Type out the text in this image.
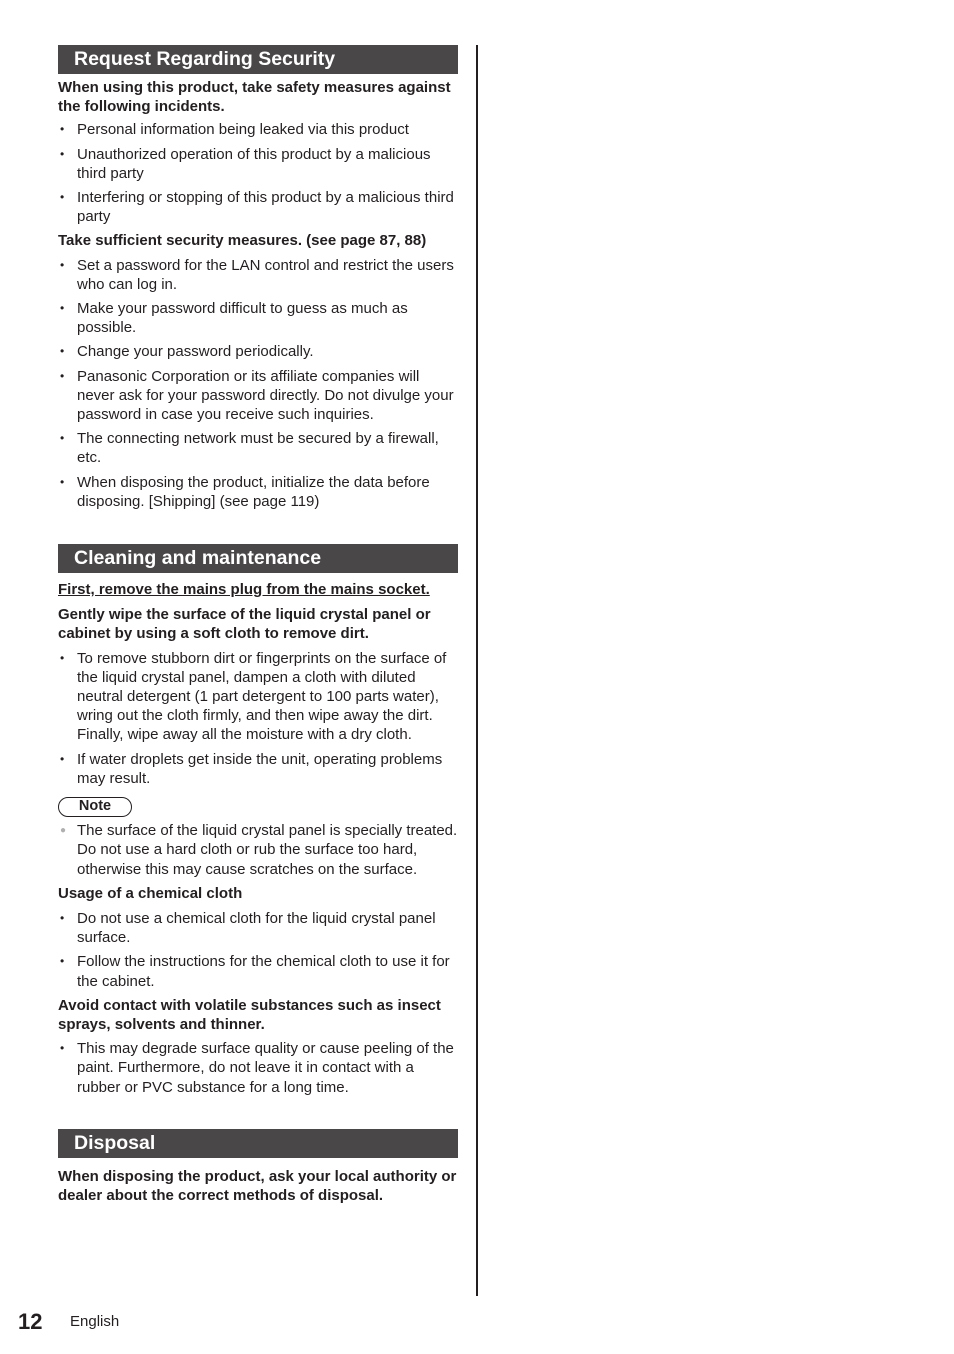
Request Regarding Security

When using this product, take safety measures against the following incidents.

• Personal information being leaked via this product
• Unauthorized operation of this product by a malicious third party
• Interfering or stopping of this product by a malicious third party

Take sufficient security measures. (see page 87, 88)

• Set a password for the LAN control and restrict the users who can log in.
• Make your password difficult to guess as much as possible.
• Change your password periodically.
• Panasonic Corporation or its affiliate companies will never ask for your password directly. Do not divulge your password in case you receive such inquiries.
• The connecting network must be secured by a firewall, etc.
• When disposing the product, initialize the data before disposing. [Shipping] (see page 119)
Cleaning and maintenance

First, remove the mains plug from the mains socket.

Gently wipe the surface of the liquid crystal panel or cabinet by using a soft cloth to remove dirt.

• To remove stubborn dirt or fingerprints on the surface of the liquid crystal panel, dampen a cloth with diluted neutral detergent (1 part detergent to 100 parts water), wring out the cloth firmly, and then wipe away the dirt. Finally, wipe away all the moisture with a dry cloth.
• If water droplets get inside the unit, operating problems may result.
Note
● The surface of the liquid crystal panel is specially treated. Do not use a hard cloth or rub the surface too hard, otherwise this may cause scratches on the surface.

Usage of a chemical cloth

• Do not use a chemical cloth for the liquid crystal panel surface.
• Follow the instructions for the chemical cloth to use it for the cabinet.

Avoid contact with volatile substances such as insect sprays, solvents and thinner.

• This may degrade surface quality or cause peeling of the paint. Furthermore, do not leave it in contact with a rubber or PVC substance for a long time.
Disposal

When disposing the product, ask your local authority or dealer about the correct methods of disposal.

12 English
